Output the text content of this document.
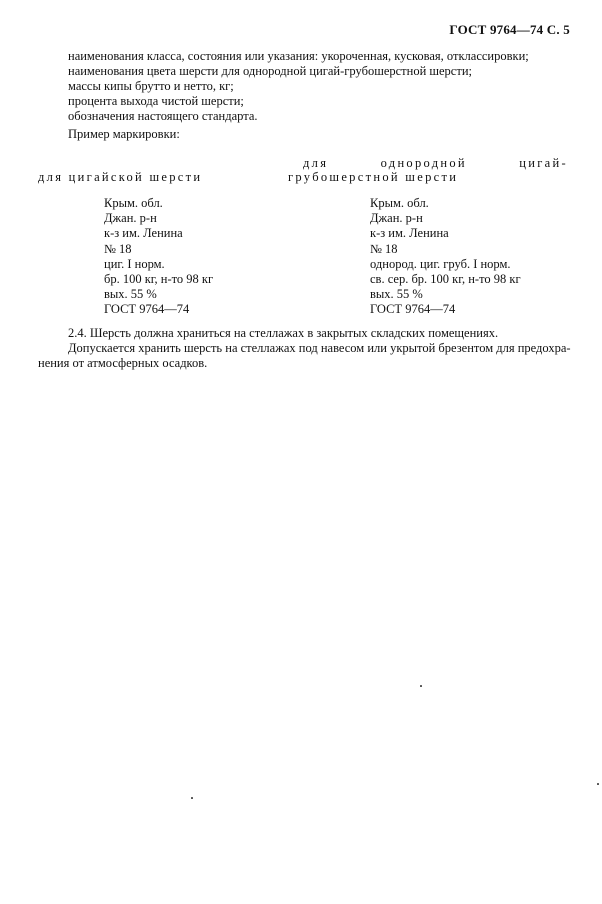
ГОСТ 9764—74 С. 5
наименования класса, состояния или указания: укороченная, кусковая, отклассировки;
наименования цвета шерсти для однородной цигай-грубошерстной шерсти;
массы кипы брутто и нетто, кг;
процента выхода чистой шерсти;
обозначения настоящего стандарта.
Пример маркировки:
для цигайской шерсти
для	однородной	цигай-
грубошерстной шерсти
Крым. обл.
Джан. р-н
к-з им. Ленина
№ 18
циг. I норм.
бр. 100 кг, н-то 98 кг
вых. 55 %
ГОСТ 9764—74
Крым. обл.
Джан. р-н
к-з им. Ленина
№ 18
однород. циг. груб. I норм.
св. сер. бр. 100 кг, н-то 98 кг
вых. 55 %
ГОСТ 9764—74
2.4. Шерсть должна храниться на стеллажах в закрытых складских помещениях.
Допускается хранить шерсть на стеллажах под навесом или укрытой брезентом для предохра-
нения от атмосферных осадков.
